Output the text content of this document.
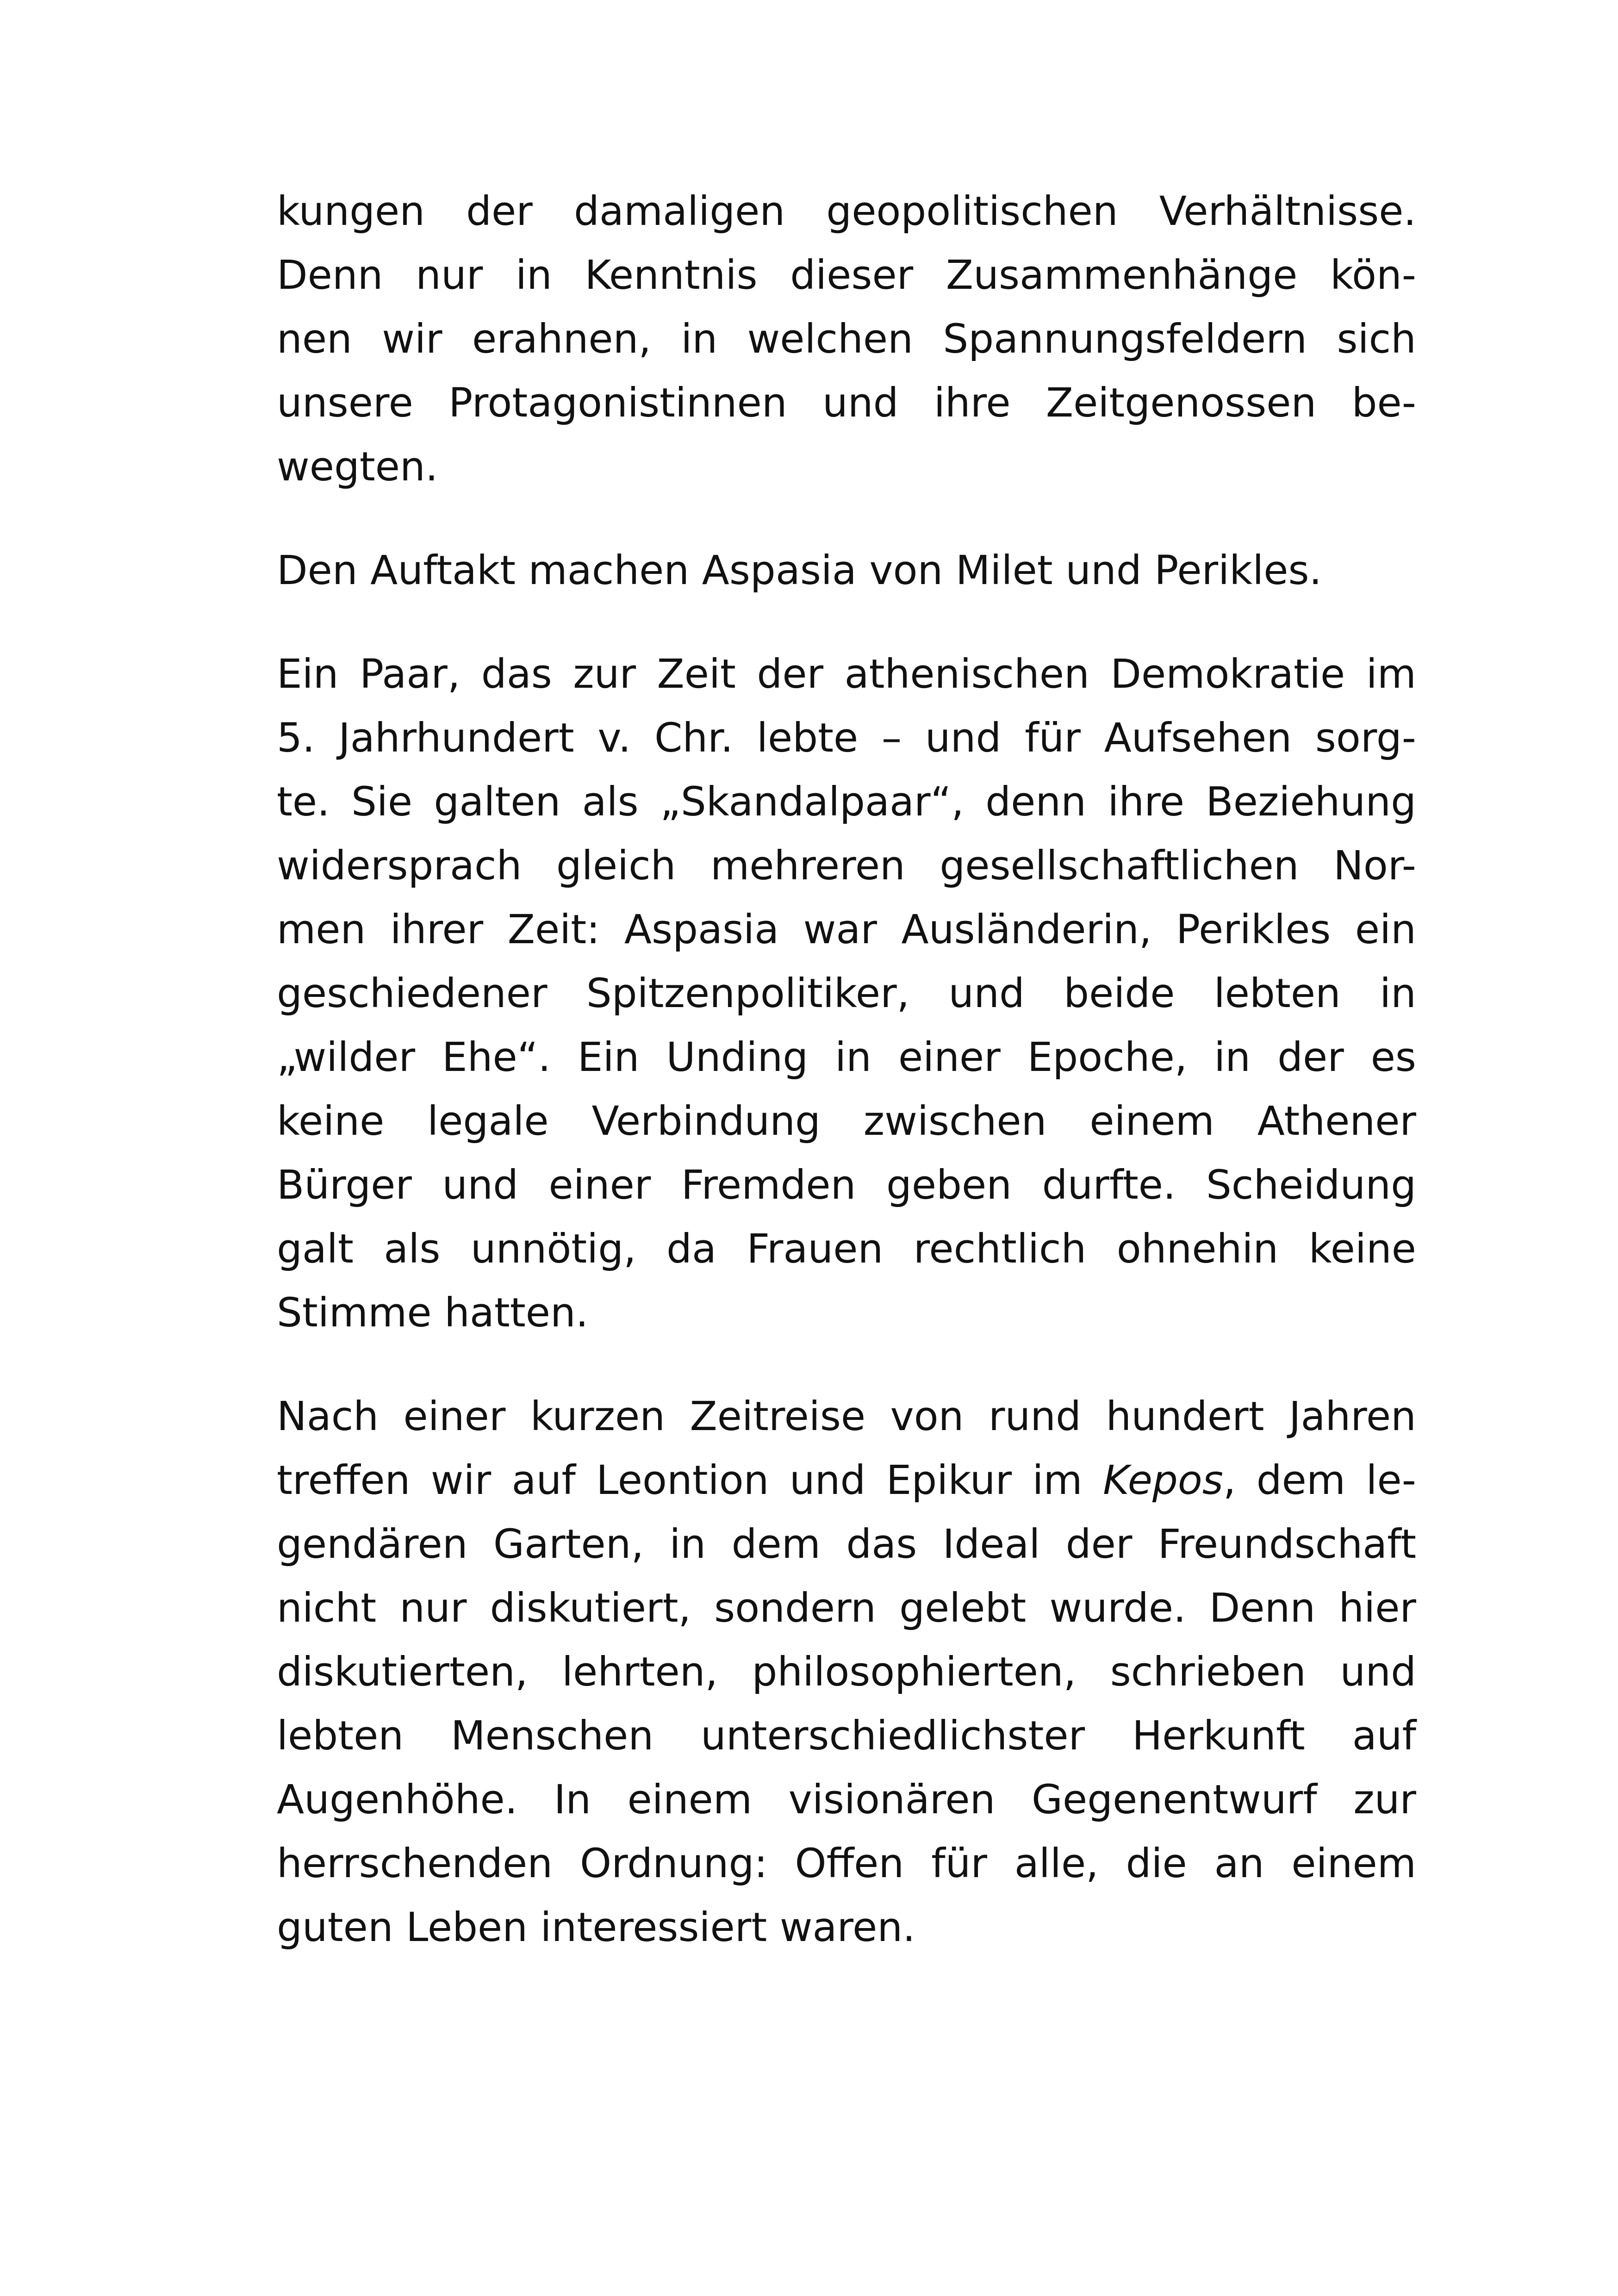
kungen der damaligen geopolitischen Verhältnisse.
Denn nur in Kenntnis dieser Zusammenhänge kön-
nen wir erahnen, in welchen Spannungsfeldern sich
unsere Protagonistinnen und ihre Zeitgenossen be-
wegten.

Den Auftakt machen Aspasia von Milet und Perikles.

Ein Paar, das zur Zeit der athenischen Demokratie im
5. Jahrhundert v. Chr. lebte – und für Aufsehen sorg-
te. Sie galten als „Skandalpaar“, denn ihre Beziehung
widersprach gleich mehreren gesellschaftlichen Nor-
men ihrer Zeit: Aspasia war Ausländerin, Perikles ein
geschiedener Spitzenpolitiker, und beide lebten in
„wilder Ehe“. Ein Unding in einer Epoche, in der es
keine legale Verbindung zwischen einem Athener
Bürger und einer Fremden geben durfte. Scheidung
galt als unnötig, da Frauen rechtlich ohnehin keine
Stimme hatten.

Nach einer kurzen Zeitreise von rund hundert Jahren
treffen wir auf Leontion und Epikur im Kepos, dem le-
gendären Garten, in dem das Ideal der Freundschaft
nicht nur diskutiert, sondern gelebt wurde. Denn hier
diskutierten, lehrten, philosophierten, schrieben und
lebten Menschen unterschiedlichster Herkunft auf
Augenhöhe. In einem visionären Gegenentwurf zur
herrschenden Ordnung: Offen für alle, die an einem
guten Leben interessiert waren.
